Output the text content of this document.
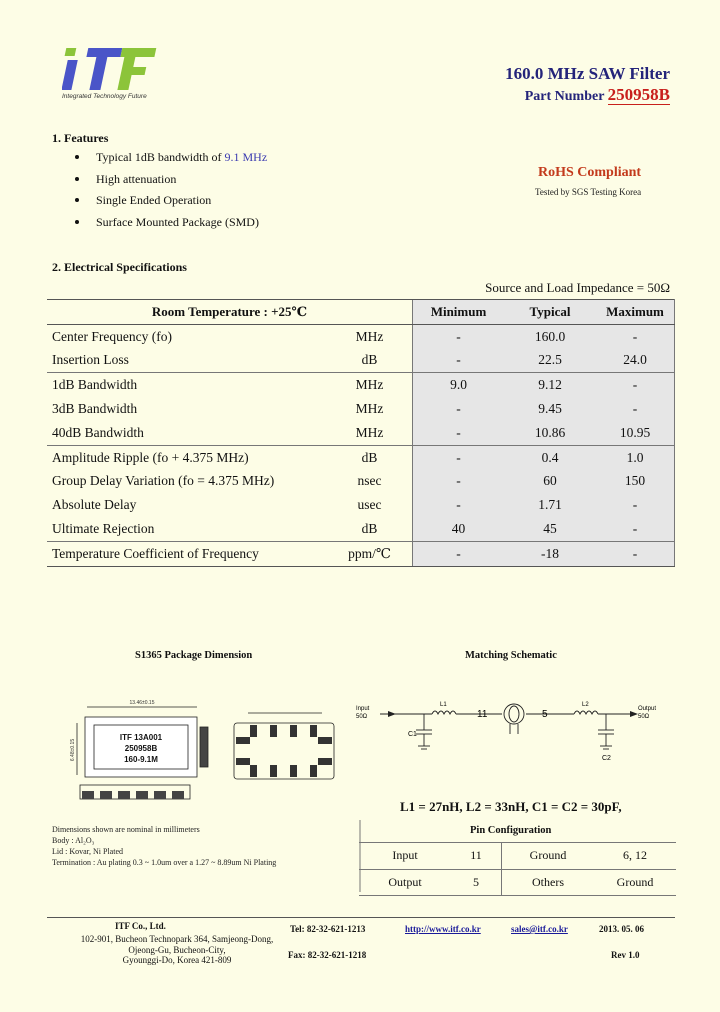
Integrated Technology Future
160.0 MHz SAW Filter
Part Number 250958B
1. Features
Typical 1dB bandwidth of 9.1 MHz
High attenuation
Single Ended Operation
Surface Mounted Package (SMD)
RoHS Compliant
Tested by SGS Testing Korea
2. Electrical Specifications
Source and Load Impedance = 50Ω
Room Temperature : +25℃		Minimum	Typical	Maximum
Center Frequency (fo)	MHz	-	160.0	-
Insertion Loss	dB	-	22.5	24.0
1dB Bandwidth	MHz	9.0	9.12	-
3dB Bandwidth	MHz	-	9.45	-
40dB Bandwidth	MHz	-	10.86	10.95
Amplitude Ripple (fo + 4.375 MHz)	dB	-	0.4	1.0
Group Delay Variation (fo = 4.375 MHz)	nsec	-	60	150
Absolute Delay	usec	-	1.71	-
Ultimate Rejection	dB	40	45	-
Temperature Coefficient of Frequency	ppm/℃	-	-18	-
S1365 Package Dimension
13.46±0.15
6.48±0.15
ITF 13A001
250958B
160-9.1M
Dimensions shown are nominal in millimeters
Body : Al₂O₃
Lid : Kovar, Ni Plated
Termination : Au plating 0.3 ~ 1.0um over a 1.27 ~ 8.89um Ni Plating
Matching Schematic
Input
50Ω
Output
50Ω
L1	L2
C1
C2
11	5
L1 = 27nH, L2 = 33nH, C1 = C2 = 30pF,
Pin Configuration
Input	11	Ground	6, 12
Output	5	Others	Ground
ITF Co., Ltd.
102-901, Bucheon Technopark 364, Samjeong-Dong,
Ojeong-Gu, Bucheon-City,
Gyounggi-Do, Korea 421-809
Tel: 82-32-621-1213
Fax: 82-32-621-1218
http://www.itf.co.kr	sales@itf.co.kr	2013. 05. 06
Rev 1.0
